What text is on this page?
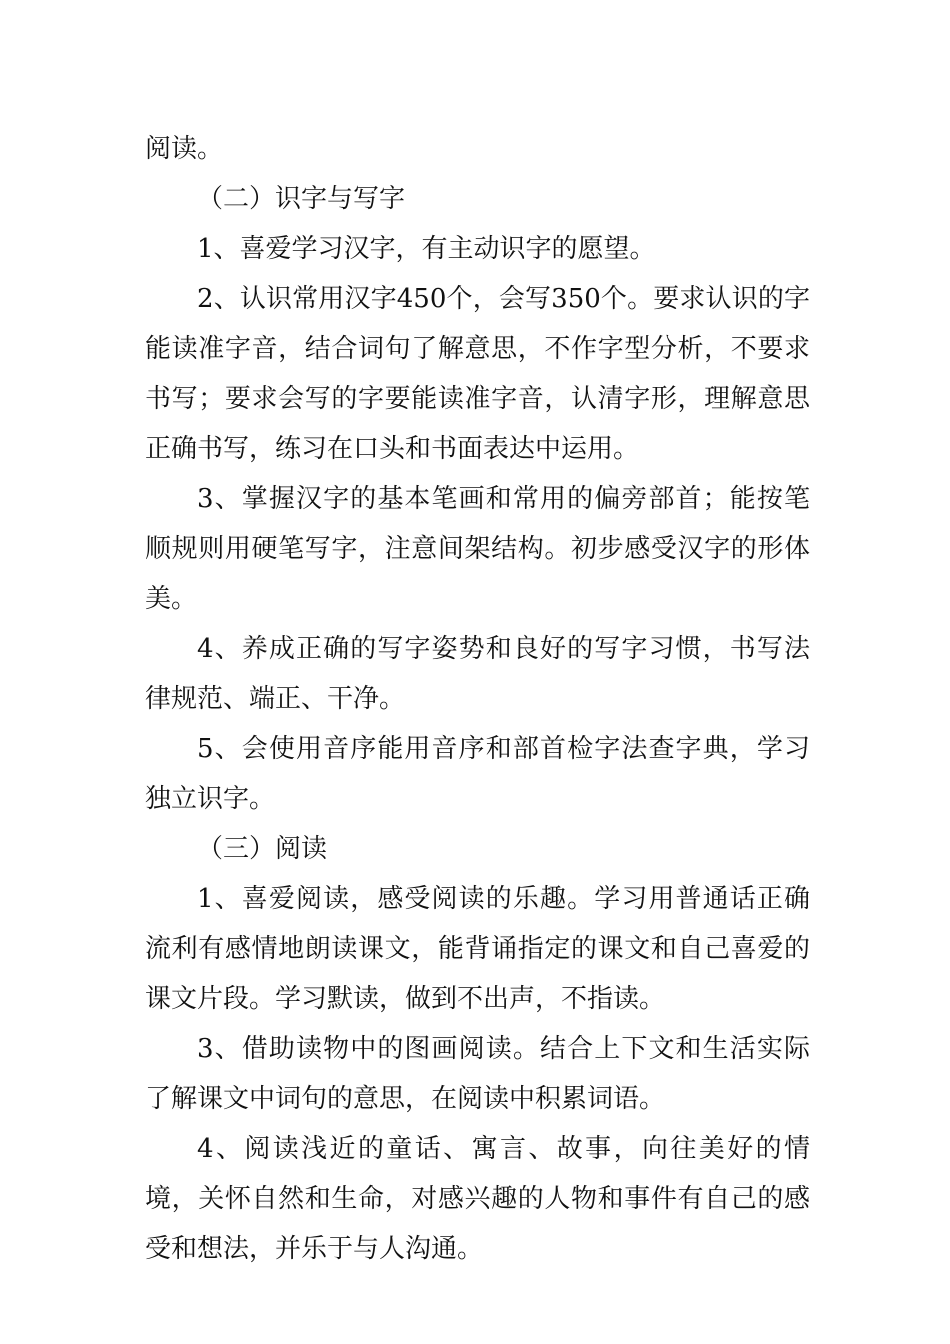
阅读。

（二）识字与写字

1、喜爱学习汉字，有主动识字的愿望。

2、认识常用汉字450个，会写350个。要求认识的字能读准字音，结合词句了解意思，不作字型分析，不要求书写；要求会写的字要能读准字音，认清字形，理解意思正确书写，练习在口头和书面表达中运用。

3、掌握汉字的基本笔画和常用的偏旁部首；能按笔顺规则用硬笔写字，注意间架结构。初步感受汉字的形体美。

4、养成正确的写字姿势和良好的写字习惯，书写法律规范、端正、干净。

5、会使用音序能用音序和部首检字法查字典，学习独立识字。

（三）阅读

1、喜爱阅读，感受阅读的乐趣。学习用普通话正确流利有感情地朗读课文，能背诵指定的课文和自己喜爱的课文片段。学习默读，做到不出声，不指读。

3、借助读物中的图画阅读。结合上下文和生活实际了解课文中词句的意思，在阅读中积累词语。

4、阅读浅近的童话、寓言、故事，向往美好的情境，关怀自然和生命，对感兴趣的人物和事件有自己的感受和想法，并乐于与人沟通。
